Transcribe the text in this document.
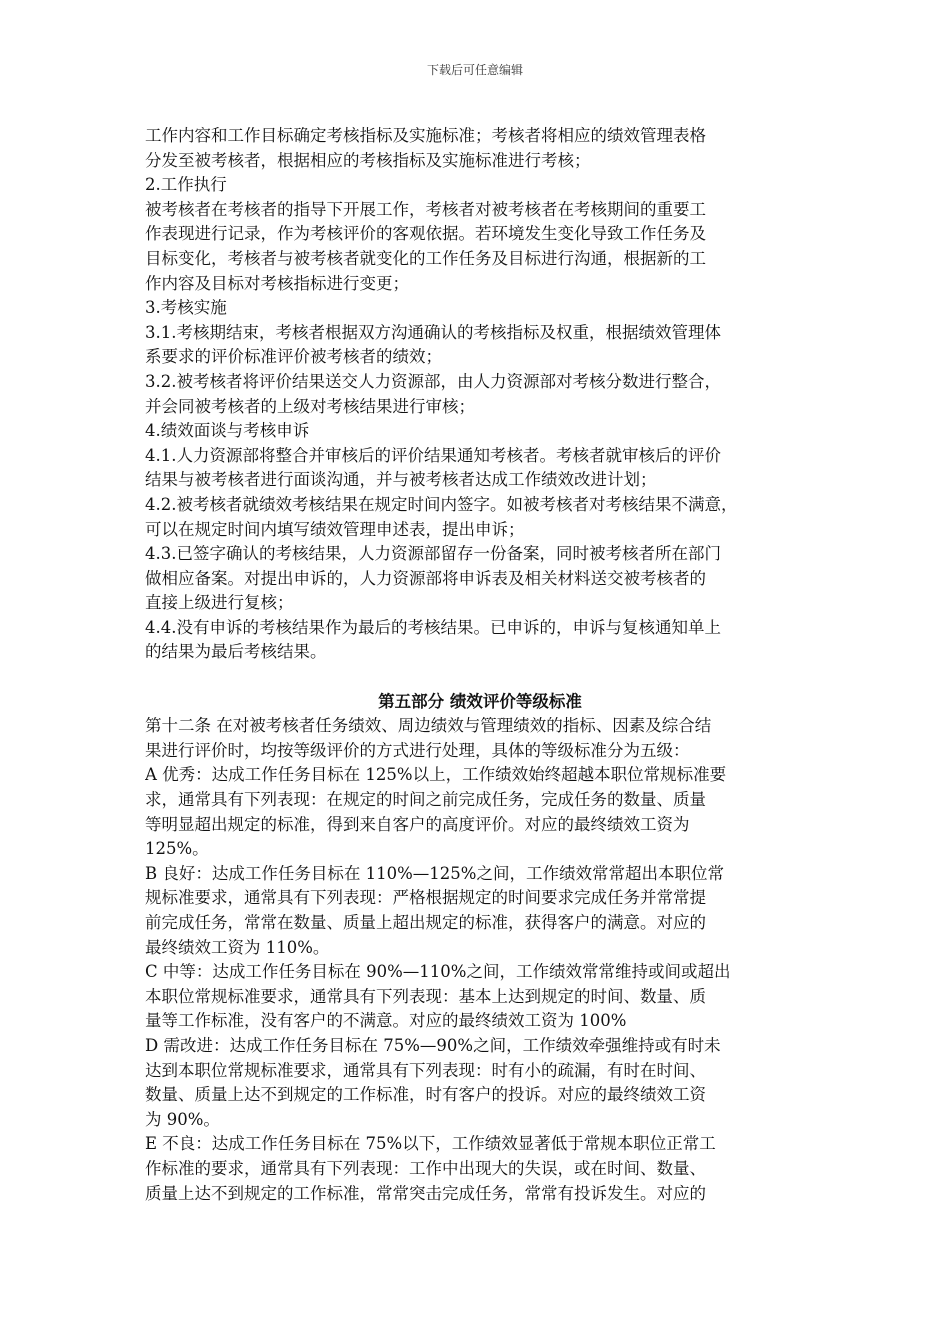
下载后可任意编辑
工作内容和工作目标确定考核指标及实施标准；考核者将相应的绩效管理表格
分发至被考核者，根据相应的考核指标及实施标准进行考核；
2.工作执行
被考核者在考核者的指导下开展工作，考核者对被考核者在考核期间的重要工
作表现进行记录，作为考核评价的客观依据。若环境发生变化导致工作任务及
目标变化，考核者与被考核者就变化的工作任务及目标进行沟通，根据新的工
作内容及目标对考核指标进行变更；
3.考核实施
3.1.考核期结束，考核者根据双方沟通确认的考核指标及权重，根据绩效管理体
系要求的评价标准评价被考核者的绩效；
3.2.被考核者将评价结果送交人力资源部，由人力资源部对考核分数进行整合，
并会同被考核者的上级对考核结果进行审核；
4.绩效面谈与考核申诉
4.1.人力资源部将整合并审核后的评价结果通知考核者。考核者就审核后的评价
结果与被考核者进行面谈沟通，并与被考核者达成工作绩效改进计划；
4.2.被考核者就绩效考核结果在规定时间内签字。如被考核者对考核结果不满意，
可以在规定时间内填写绩效管理申述表，提出申诉；
4.3.已签字确认的考核结果，人力资源部留存一份备案，同时被考核者所在部门
做相应备案。对提出申诉的，人力资源部将申诉表及相关材料送交被考核者的
直接上级进行复核；
4.4.没有申诉的考核结果作为最后的考核结果。已申诉的，申诉与复核通知单上
的结果为最后考核结果。
第五部分 绩效评价等级标准
第十二条 在对被考核者任务绩效、周边绩效与管理绩效的指标、因素及综合结
果进行评价时，均按等级评价的方式进行处理，具体的等级标准分为五级：
A 优秀：达成工作任务目标在 125%以上，工作绩效始终超越本职位常规标准要
求，通常具有下列表现：在规定的时间之前完成任务，完成任务的数量、质量
等明显超出规定的标准，得到来自客户的高度评价。对应的最终绩效工资为
125%。
B 良好：达成工作任务目标在 110%—125%之间，工作绩效常常超出本职位常
规标准要求，通常具有下列表现：严格根据规定的时间要求完成任务并常常提
前完成任务，常常在数量、质量上超出规定的标准，获得客户的满意。对应的
最终绩效工资为 110%。
C 中等：达成工作任务目标在 90%—110%之间，工作绩效常常维持或间或超出
本职位常规标准要求，通常具有下列表现：基本上达到规定的时间、数量、质
量等工作标准，没有客户的不满意。对应的最终绩效工资为 100%
D 需改进：达成工作任务目标在 75%—90%之间，工作绩效牵强维持或有时未
达到本职位常规标准要求，通常具有下列表现：时有小的疏漏，有时在时间、
数量、质量上达不到规定的工作标准，时有客户的投诉。对应的最终绩效工资
为 90%。
E 不良：达成工作任务目标在 75%以下，工作绩效显著低于常规本职位正常工
作标准的要求，通常具有下列表现：工作中出现大的失误，或在时间、数量、
质量上达不到规定的工作标准，常常突击完成任务，常常有投诉发生。对应的
